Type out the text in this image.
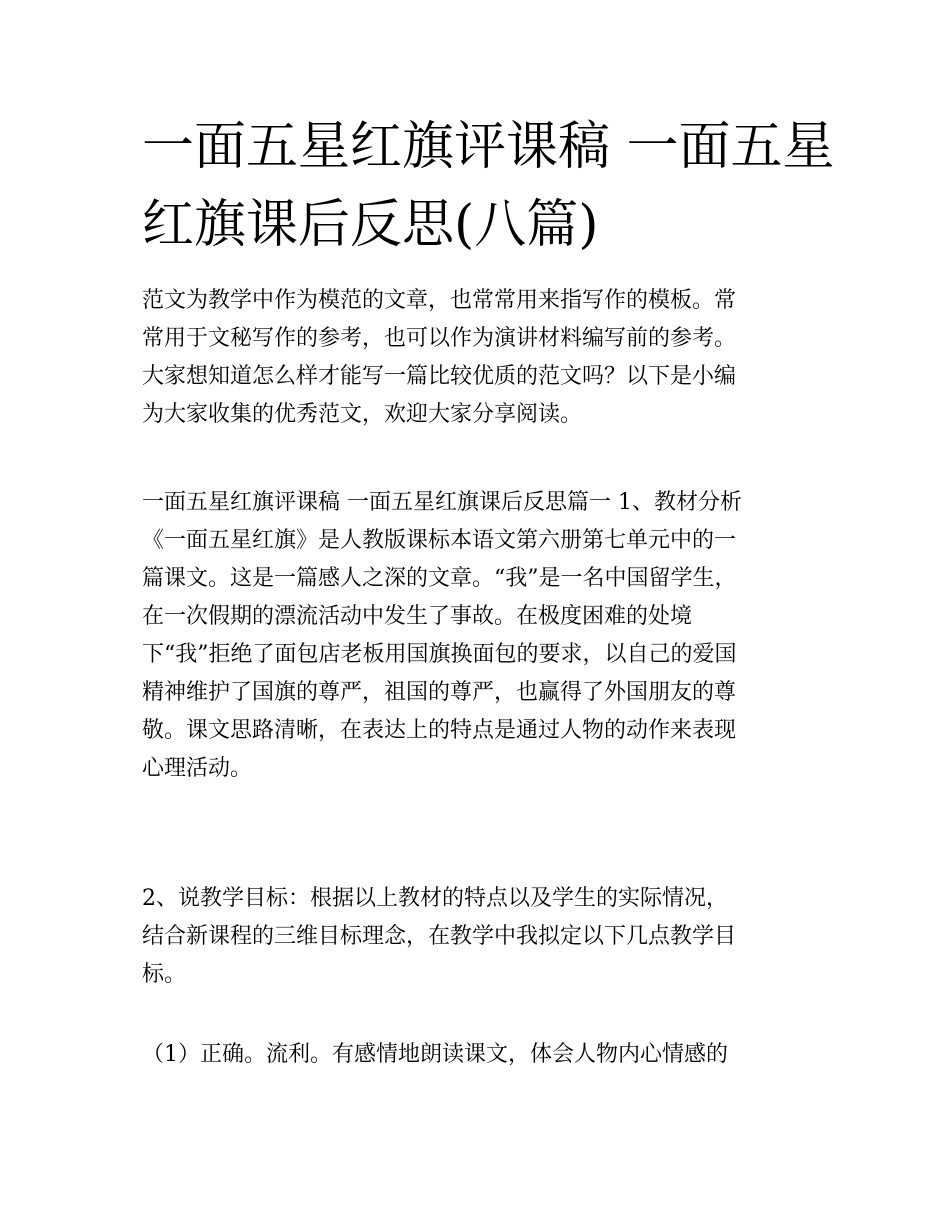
一面五星红旗评课稿 一面五星
红旗课后反思(八篇)
范文为教学中作为模范的文章，也常常用来指写作的模板。常
常用于文秘写作的参考，也可以作为演讲材料编写前的参考。
大家想知道怎么样才能写一篇比较优质的范文吗？以下是小编
为大家收集的优秀范文，欢迎大家分享阅读。
一面五星红旗评课稿 一面五星红旗课后反思篇一 1、教材分析
《一面五星红旗》是人教版课标本语文第六册第七单元中的一
篇课文。这是一篇感人之深的文章。“我”是一名中国留学生，
在一次假期的漂流活动中发生了事故。在极度困难的处境
下“我”拒绝了面包店老板用国旗换面包的要求，以自己的爱国
精神维护了国旗的尊严，祖国的尊严，也赢得了外国朋友的尊
敬。课文思路清晰，在表达上的特点是通过人物的动作来表现
心理活动。
2、说教学目标：根据以上教材的特点以及学生的实际情况，
结合新课程的三维目标理念，在教学中我拟定以下几点教学目
标。
（1）正确。流利。有感情地朗读课文，体会人物内心情感的
